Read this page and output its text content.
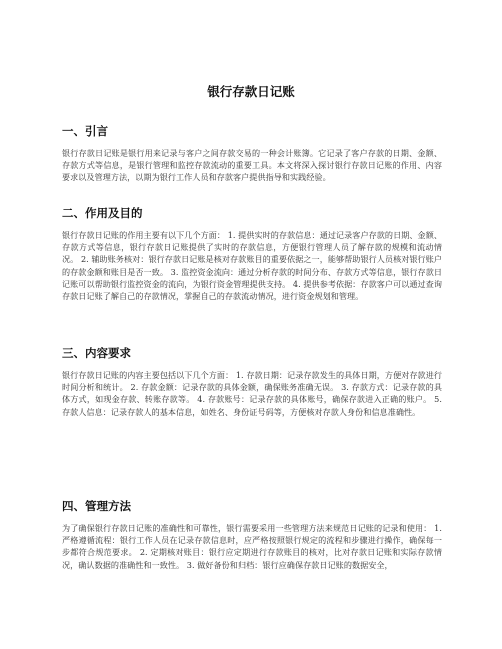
银行存款日记账
一、引言

银行存款日记账是银行用来记录与客户之间存款交易的一种会计账簿。它记录了客户存款的日期、金额、存款方式等信息，是银行管理和监控存款流动的重要工具。本文将深入探讨银行存款日记账的作用、内容要求以及管理方法，以期为银行工作人员和存款客户提供指导和实践经验。

二、作用及目的

银行存款日记账的作用主要有以下几个方面： 1. 提供实时的存款信息：通过记录客户存款的日期、金额、存款方式等信息，银行存款日记账提供了实时的存款信息，方便银行管理人员了解存款的规模和流动情况。 2. 辅助账务核对：银行存款日记账是核对存款账目的重要依据之一，能够帮助银行人员核对银行账户的存款金额和账目是否一致。 3. 监控资金流向：通过分析存款的时间分布、存款方式等信息，银行存款日记账可以帮助银行监控资金的流向，为银行资金管理提供支持。 4. 提供参考依据：存款客户可以通过查询存款日记账了解自己的存款情况，掌握自己的存款流动情况，进行资金规划和管理。

三、内容要求

银行存款日记账的内容主要包括以下几个方面： 1. 存款日期：记录存款发生的具体日期，方便对存款进行时间分析和统计。 2. 存款金额：记录存款的具体金额，确保账务准确无误。 3. 存款方式：记录存款的具体方式，如现金存款、转账存款等。 4. 存款账号：记录存款的具体账号，确保存款进入正确的账户。 5. 存款人信息：记录存款人的基本信息，如姓名、身份证号码等，方便核对存款人身份和信息准确性。

四、管理方法

为了确保银行存款日记账的准确性和可靠性，银行需要采用一些管理方法来规范日记账的记录和使用： 1. 严格遵循流程：银行工作人员在记录存款信息时，应严格按照银行规定的流程和步骤进行操作，确保每一步都符合规范要求。 2. 定期核对账目：银行应定期进行存款账目的核对，比对存款日记账和实际存款情况，确认数据的准确性和一致性。 3. 做好备份和归档：银行应确保存款日记账的数据安全，
